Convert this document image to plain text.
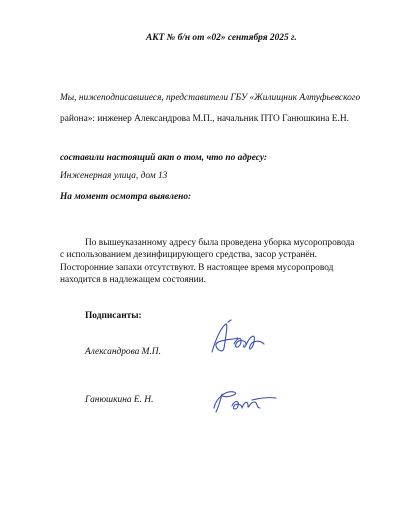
АКТ № б/н от «02» сентября 2025 г.
Мы, нижеподписавшиеся, представители ГБУ «Жилищник Алтуфьевского
района»: инженер Александрова М.П., начальник ПТО Ганюшкина Е.Н.
составили настоящий акт о том, что по адресу:
Инженерная улица, дом 13
На момент осмотра выявлено:
По вышеуказанному адресу была проведена уборка мусоропровода с использованием дезинфицирующего средства, засор устранён. Посторонние запахи отсутствуют. В настоящее время мусоропровод находится в надлежащем состоянии.
Подписанты:
Александрова М.П.
Ганюшкина Е. Н.
